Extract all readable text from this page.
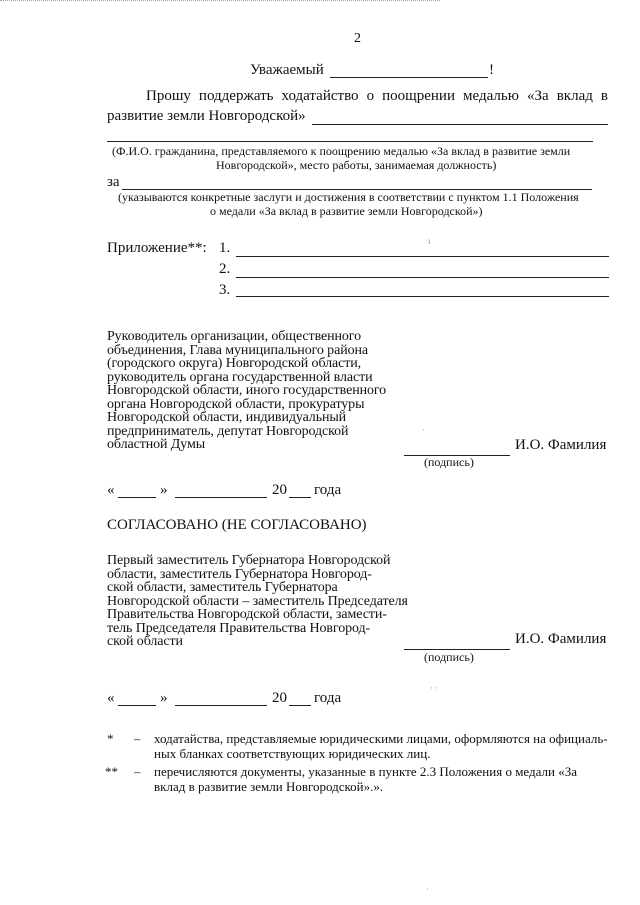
2
Уважаемый	!
Прошу поддержать ходатайство о поощрении медалью «За вклад в
развитие земли Новгородской»
(Ф.И.О. гражданина, представляемого к поощрению медалью «За вклад в развитие земли
Новгородской», место работы, занимаемая должность)
за
(указываются конкретные заслуги и достижения в соответствии с пунктом 1.1 Положения
о медали «За вклад в развитие земли Новгородской»)
Приложение**: 1.
2.
3.
Руководитель организации, общественного
объединения, Глава муниципального района
(городского округа) Новгородской области,
руководитель органа государственной власти
Новгородской области, иного государственного
органа Новгородской области, прокуратуры
Новгородской области, индивидуальный
предприниматель, депутат Новгородской
областной Думы	И.О. Фамилия
(подпись)
«	»	20 года
СОГЛАСОВАНО (НЕ СОГЛАСОВАНО)
Первый заместитель Губернатора Новгородской
области, заместитель Губернатора Новгород-
ской области, заместитель Губернатора
Новгородской области – заместитель Председателя
Правительства Новгородской области, замести-
тель Председателя Правительства Новгород-
ской области	И.О. Фамилия
(подпись)
«	»	20 года
* – ходатайства, представляемые юридическими лицами, оформляются на официаль-
ных бланках соответствующих юридических лиц.
** – перечисляются документы, указанные в пункте 2.3 Положения о медали «За
вклад в развитие земли Новгородской».».
ı
·
· ·
·
